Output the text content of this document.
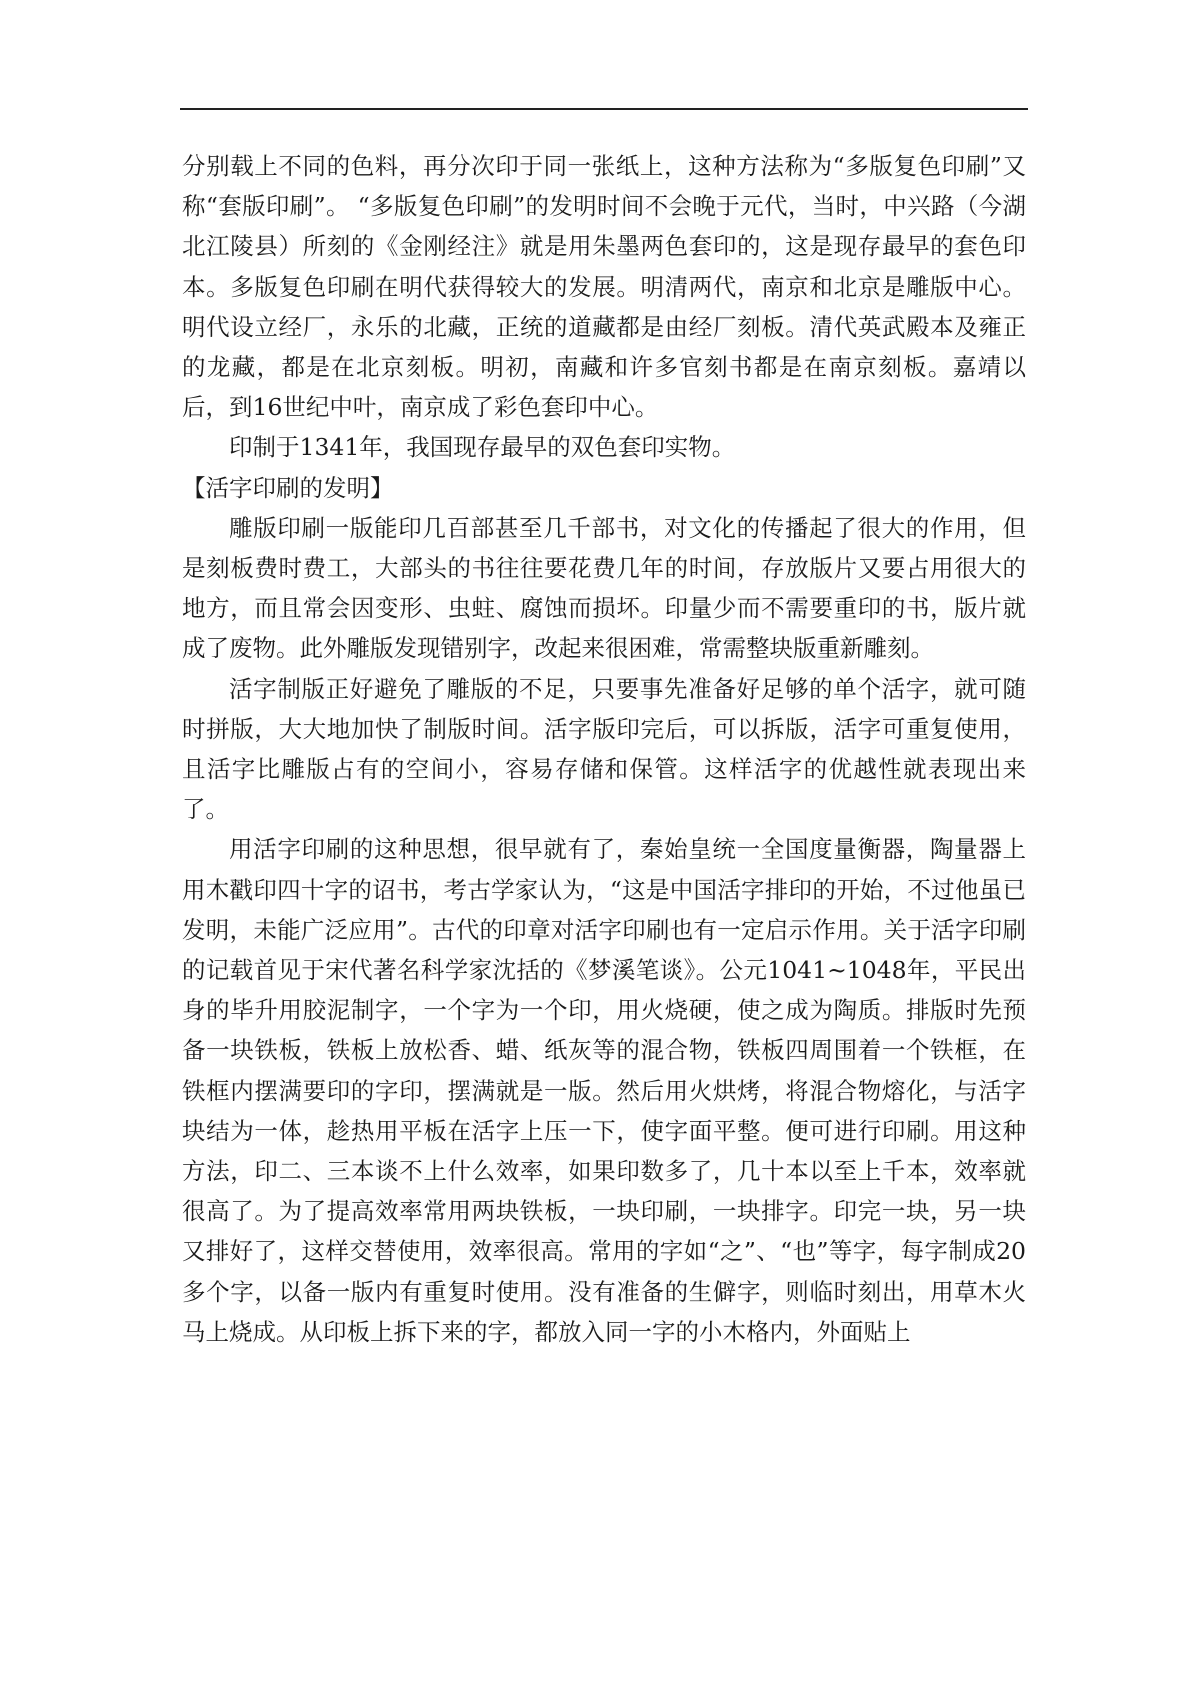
分别载上不同的色料，再分次印于同一张纸上，这种方法称为“多版复色印刷”又称“套版印刷”。 “多版复色印刷”的发明时间不会晚于元代，当时，中兴路（今湖北江陵县）所刻的《金刚经注》就是用朱墨两色套印的，这是现存最早的套色印本。多版复色印刷在明代获得较大的发展。明清两代，南京和北京是雕版中心。明代设立经厂，永乐的北藏，正统的道藏都是由经厂刻板。清代英武殿本及雍正的龙藏，都是在北京刻板。明初，南藏和许多官刻书都是在南京刻板。嘉靖以后，到16世纪中叶，南京成了彩色套印中心。

印制于1341年，我国现存最早的双色套印实物。

【活字印刷的发明】

雕版印刷一版能印几百部甚至几千部书，对文化的传播起了很大的作用，但是刻板费时费工，大部头的书往往要花费几年的时间，存放版片又要占用很大的地方，而且常会因变形、虫蛀、腐蚀而损坏。印量少而不需要重印的书，版片就成了废物。此外雕版发现错别字，改起来很困难，常需整块版重新雕刻。

活字制版正好避免了雕版的不足，只要事先准备好足够的单个活字，就可随时拼版，大大地加快了制版时间。活字版印完后，可以拆版，活字可重复使用，且活字比雕版占有的空间小，容易存储和保管。这样活字的优越性就表现出来了。

用活字印刷的这种思想，很早就有了，秦始皇统一全国度量衡器，陶量器上用木戳印四十字的诏书，考古学家认为，“这是中国活字排印的开始，不过他虽已发明，未能广泛应用”。古代的印章对活字印刷也有一定启示作用。关于活字印刷的记载首见于宋代著名科学家沈括的《梦溪笔谈》。公元1041~1048年，平民出身的毕升用胶泥制字，一个字为一个印，用火烧硬，使之成为陶质。排版时先预备一块铁板，铁板上放松香、蜡、纸灰等的混合物，铁板四周围着一个铁框，在铁框内摆满要印的字印，摆满就是一版。然后用火烘烤，将混合物熔化，与活字块结为一体，趁热用平板在活字上压一下，使字面平整。便可进行印刷。用这种方法，印二、三本谈不上什么效率，如果印数多了，几十本以至上千本，效率就很高了。为了提高效率常用两块铁板，一块印刷，一块排字。印完一块，另一块又排好了，这样交替使用，效率很高。常用的字如“之”、“也”等字，每字制成20多个字，以备一版内有重复时使用。没有准备的生僻字，则临时刻出，用草木火马上烧成。从印板上拆下来的字，都放入同一字的小木格内，外面贴上
